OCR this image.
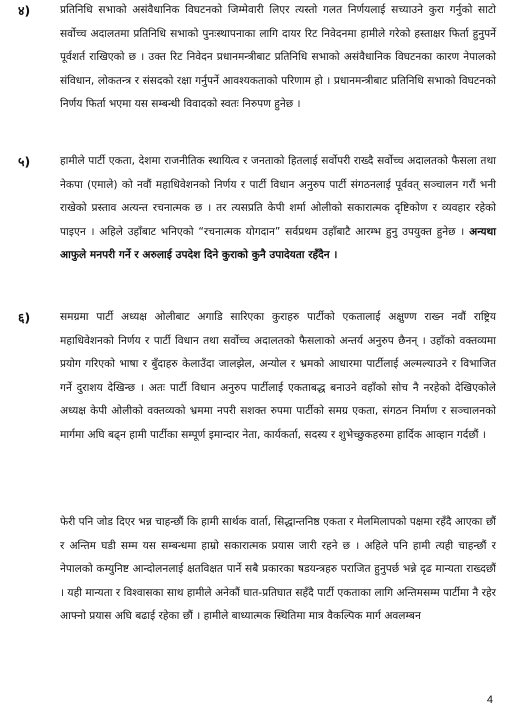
४)	प्रतिनिधि सभाको असंवैधानिक विघटनको जिम्मेवारी लिएर त्यस्तो गलत निर्णयलाई सच्याउने कुरा गर्नुको साटो सर्वोच्च अदालतमा प्रतिनिधि सभाको पुनःस्थापनाका लागि दायर रिट निवेदनमा हामीले गरेको हस्ताक्षर फिर्ता हुनुपर्ने पूर्वशर्त राखिएको छ । उक्त रिट निवेदन प्रधानमन्त्रीबाट प्रतिनिधि सभाको असंवैधानिक विघटनका कारण नेपालको संविधान, लोकतन्त्र र संसदको रक्षा गर्नुपर्ने आवश्यकताको परिणाम हो । प्रधानमन्त्रीबाट प्रतिनिधि सभाको विघटनको निर्णय फिर्ता भएमा यस सम्बन्धी विवादको स्वतः निरुपण हुनेछ ।
५)	हामीले पार्टी एकता, देशमा राजनीतिक स्थायित्व र जनताको हितलाई सर्वोपरी राख्दै सर्वोच्च अदालतको फैसला तथा नेकपा (एमाले) को नवौं महाधिवेशनको निर्णय र पार्टी विधान अनुरुप पार्टी संगठनलाई पूर्ववत् सञ्चालन गरौं भनी राखेको प्रस्ताव अत्यन्त रचनात्मक छ । तर त्यसप्रति केपी शर्मा ओलीको सकारात्मक दृष्टिकोण र व्यवहार रहेको पाइएन । अहिले उहाँबाट भनिएको “रचनात्मक योगदान” सर्वप्रथम उहाँबाटै आरम्भ हुनु उपयुक्त हुनेछ । अन्यथा आफुले मनपरी गर्ने र अरुलाई उपदेश दिने कुराको कुनै उपादेयता रहँदैन ।
६)	समग्रमा पार्टी अध्यक्ष ओलीबाट अगाडि सारिएका कुराहरु पार्टीको एकतालाई अक्षुण्ण राख्न नवौं राष्ट्रिय महाधिवेशनको निर्णय र पार्टी विधान तथा सर्वोच्च अदालतको फैसलाको अन्तर्य अनुरुप छैनन् । उहाँको वक्तव्यमा प्रयोग गरिएको भाषा र बुँदाहरु केलाउँदा जालझेल, अन्योल र भ्रमको आधारमा पार्टीलाई अल्मल्याउने र विभाजित गर्ने दुराशय देखिन्छ । अतः पार्टी विधान अनुरुप पार्टीलाई एकताबद्ध बनाउने वहाँको सोच नै नरहेको देखिएकोले अध्यक्ष केपी ओलीको वक्तव्यको भ्रममा नपरी सशक्त रुपमा पार्टीको समग्र एकता, संगठन निर्माण र सञ्चालनको मार्गमा अघि बढ्न हामी पार्टीका सम्पूर्ण इमान्दार नेता, कार्यकर्ता, सदस्य र शुभेच्छुकहरुमा हार्दिक आव्हान गर्दछौं ।
फेरी पनि जोड दिएर भन्न चाहन्छौं कि हामी सार्थक वार्ता, सिद्धान्तनिष्ठ एकता र मेलमिलापको पक्षमा रहँदै आएका छौं र अन्तिम घडी सम्म यस सम्बन्धमा हाम्रो सकारात्मक प्रयास जारी रहने छ । अहिले पनि हामी त्यही चाहन्छौं र नेपालको कम्युनिष्ट आन्दोलनलाई क्षतविक्षत पार्ने सबै प्रकारका षडयन्त्रहरु पराजित हुनुपर्छ भन्ने दृढ मान्यता राख्दछौं । यही मान्यता र विश्वासका साथ हामीले अनेकौं घात-प्रतिघात सहँदै पार्टी एकताका लागि अन्तिमसम्म पार्टीमा नै रहेर आफ्नो प्रयास अघि बढाई रहेका छौं । हामीले बाध्यात्मक स्थितिमा मात्र वैकल्पिक मार्ग अवलम्बन
4
